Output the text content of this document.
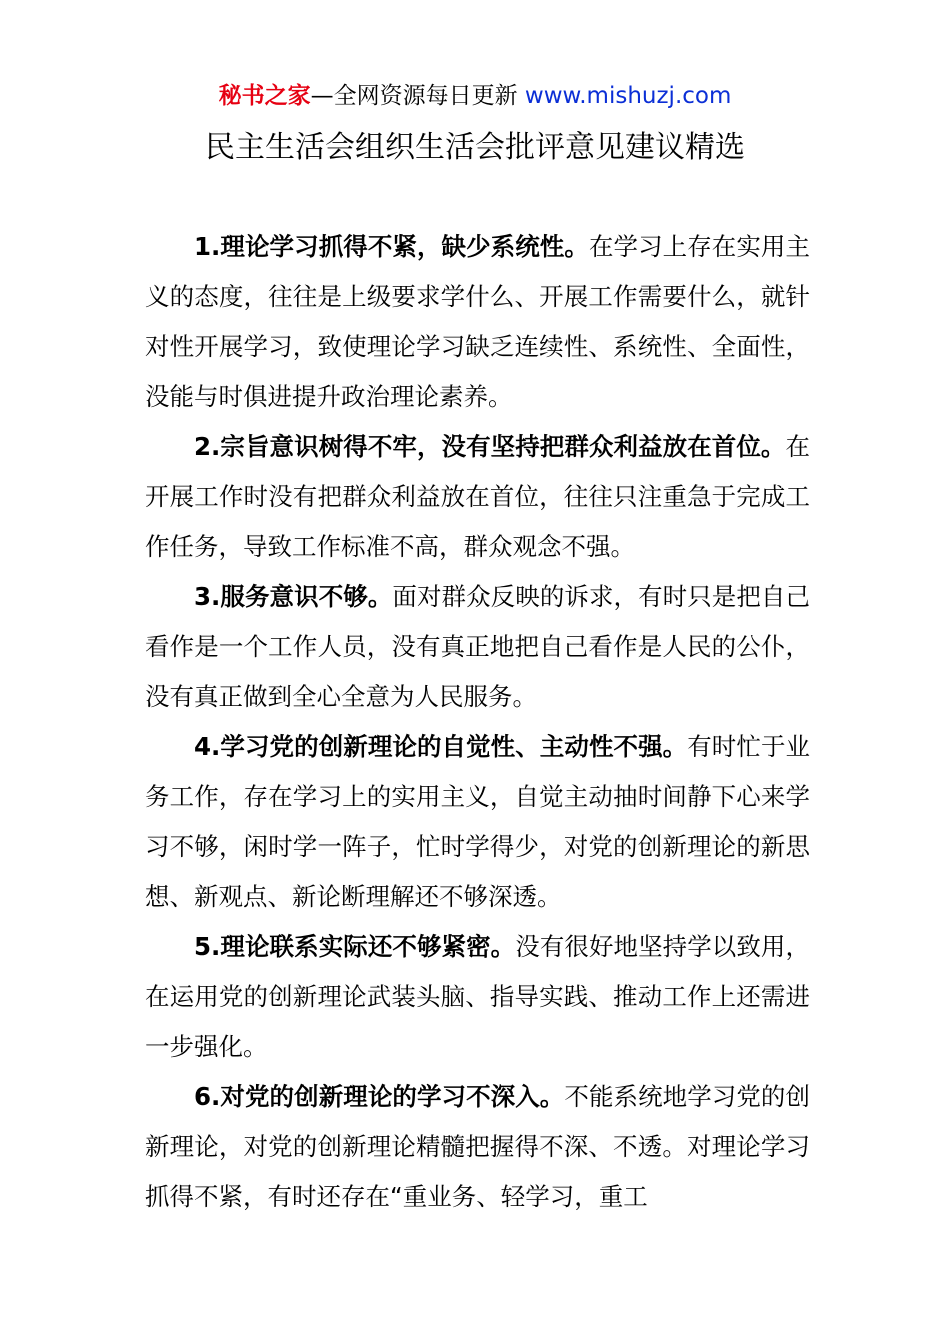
秘书之家—全网资源每日更新 www.mishuzj.com
民主生活会组织生活会批评意见建议精选

1.理论学习抓得不紧，缺少系统性。在学习上存在实用主义的态度，往往是上级要求学什么、开展工作需要什么，就针对性开展学习，致使理论学习缺乏连续性、系统性、全面性，没能与时俱进提升政治理论素养。

2.宗旨意识树得不牢，没有坚持把群众利益放在首位。在开展工作时没有把群众利益放在首位，往往只注重急于完成工作任务，导致工作标准不高，群众观念不强。

3.服务意识不够。面对群众反映的诉求，有时只是把自己看作是一个工作人员，没有真正地把自己看作是人民的公仆，没有真正做到全心全意为人民服务。

4.学习党的创新理论的自觉性、主动性不强。有时忙于业务工作，存在学习上的实用主义，自觉主动抽时间静下心来学习不够，闲时学一阵子，忙时学得少，对党的创新理论的新思想、新观点、新论断理解还不够深透。

5.理论联系实际还不够紧密。没有很好地坚持学以致用，在运用党的创新理论武装头脑、指导实践、推动工作上还需进一步强化。

6.对党的创新理论的学习不深入。不能系统地学习党的创新理论，对党的创新理论精髓把握得不深、不透。对理论学习抓得不紧，有时还存在“重业务、轻学习，重工
